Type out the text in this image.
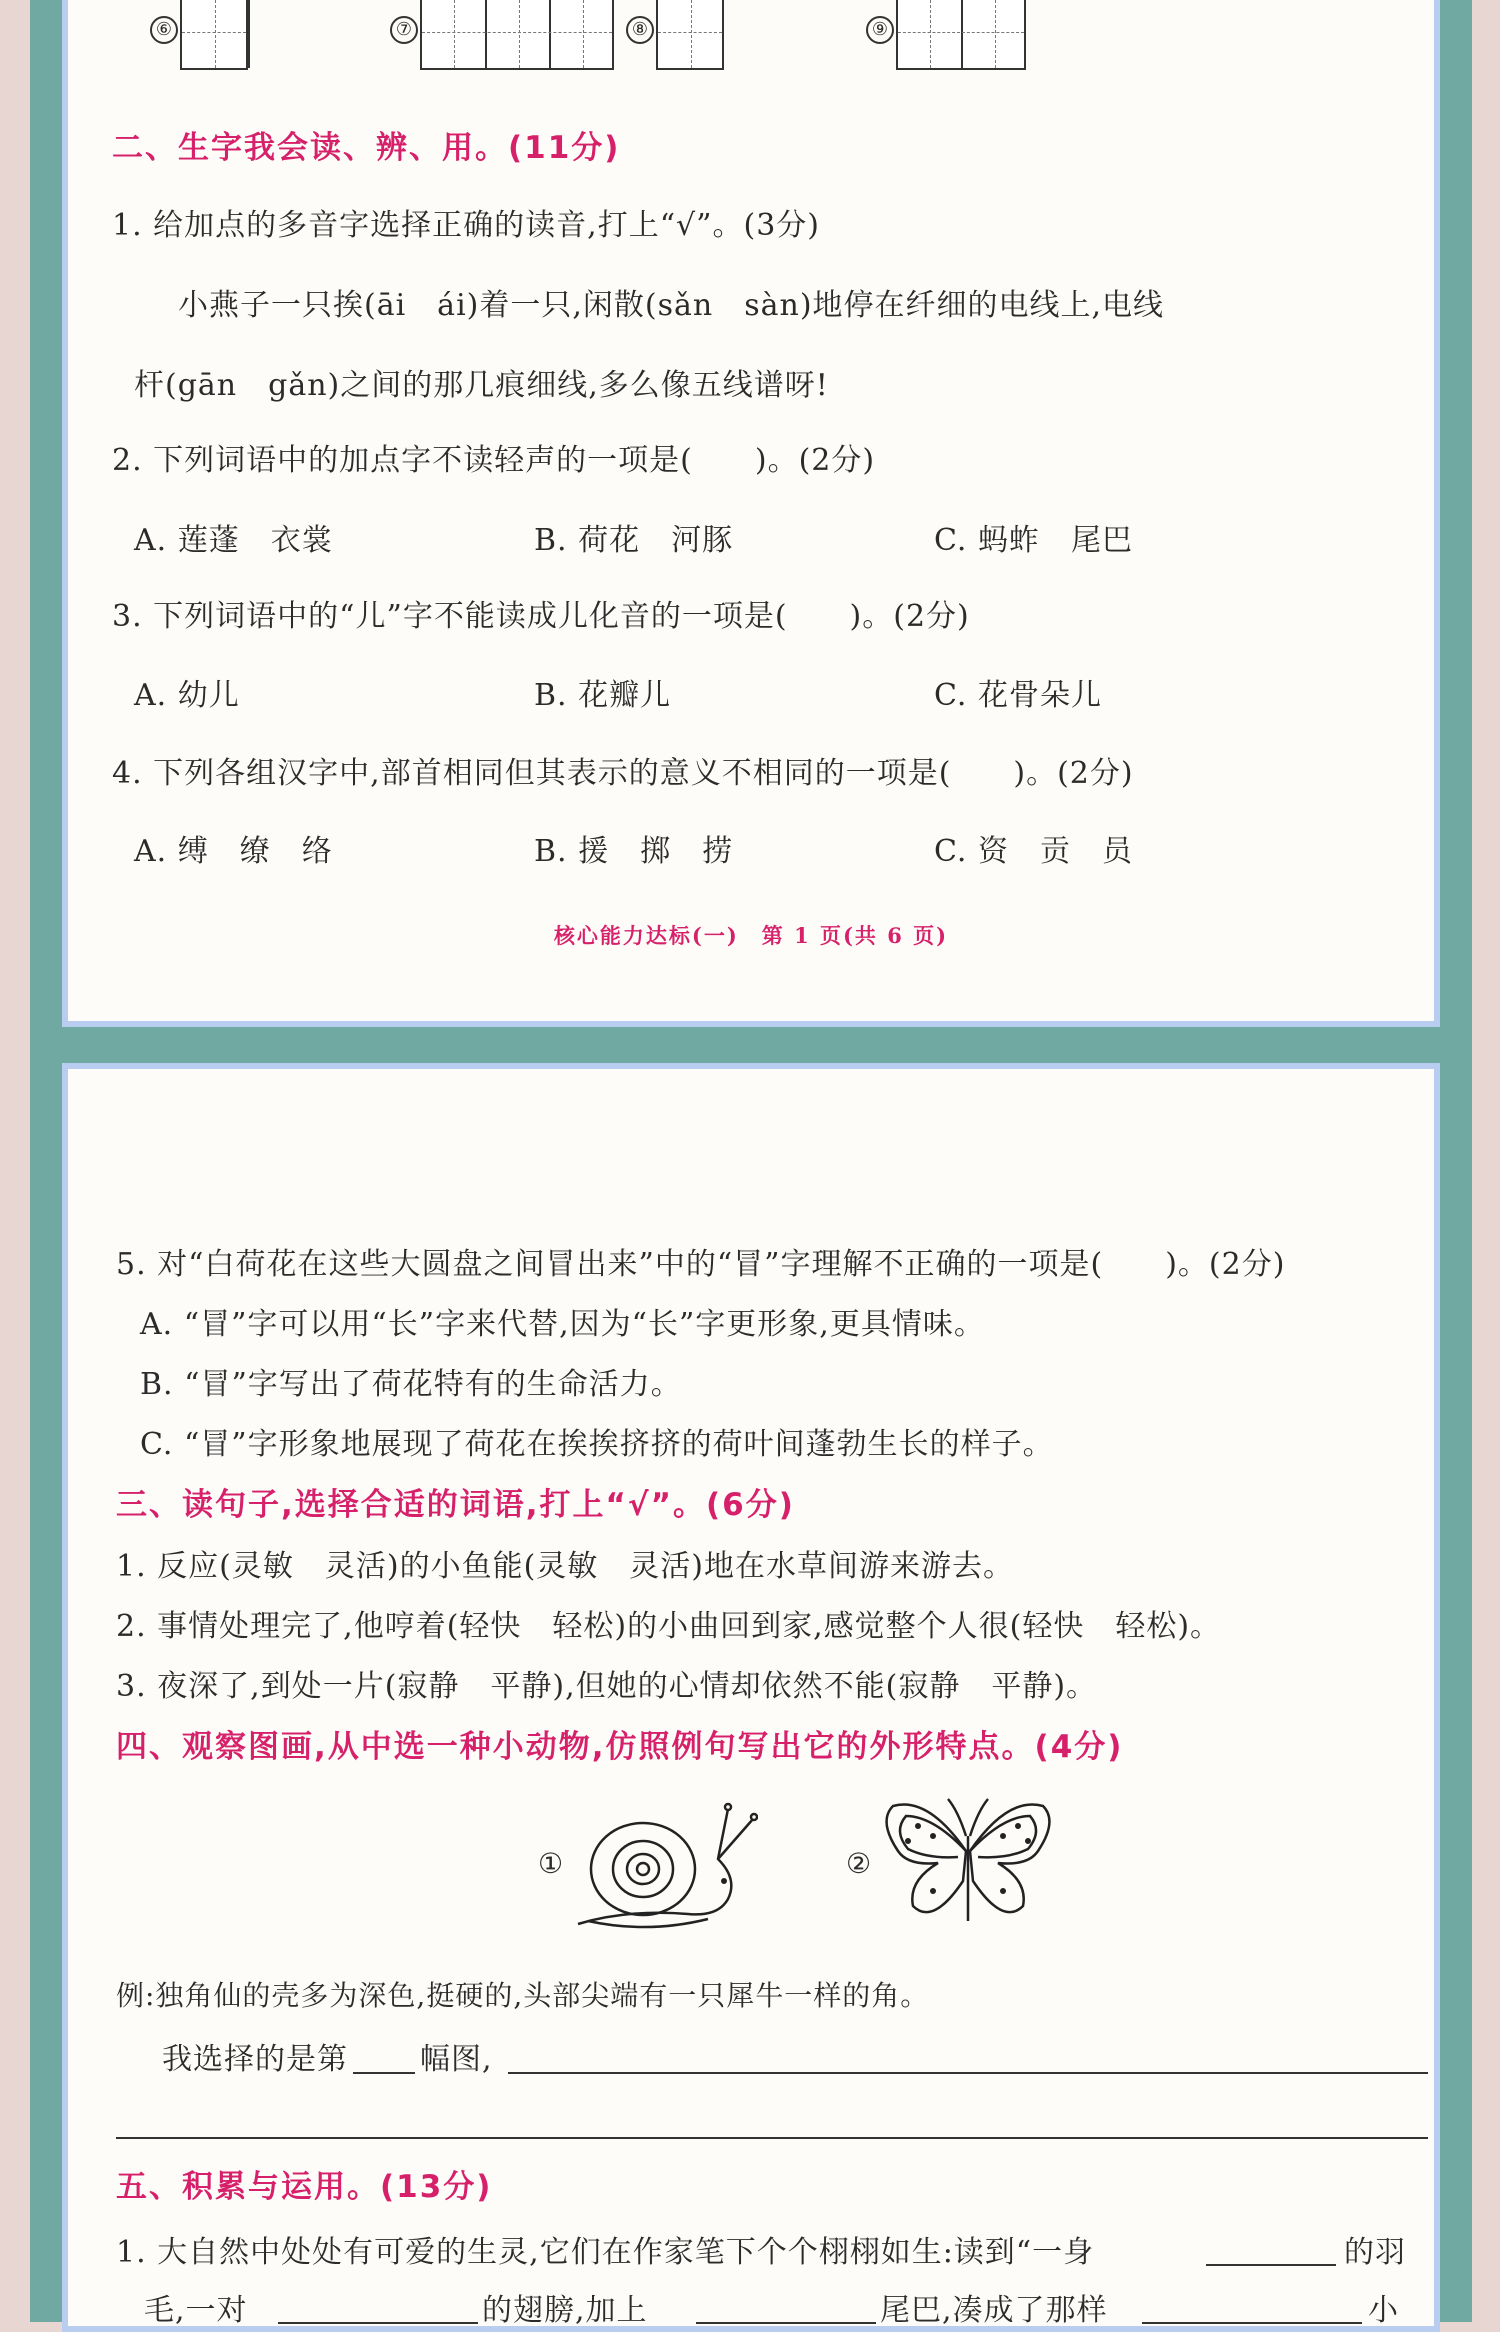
⑥	⑦	⑧	⑨
二、生字我会读、辨、用。(11分)
1. 给加点的多音字选择正确的读音,打上“√”。(3分)
小燕子一只挨(āi　ái)着一只,闲散(sǎn　sàn)地停在纤细的电线上,电线
杆(gān　gǎn)之间的那几痕细线,多么像五线谱呀!
2. 下列词语中的加点字不读轻声的一项是(　　)。(2分)
A. 莲蓬　衣裳	B. 荷花　河豚	C. 蚂蚱　尾巴
3. 下列词语中的“儿”字不能读成儿化音的一项是(　　)。(2分)
A. 幼儿	B. 花瓣儿	C. 花骨朵儿
4. 下列各组汉字中,部首相同但其表示的意义不相同的一项是(　　)。(2分)
A. 缚　缭　络	B. 援　掷　捞	C. 资　贡　员
核心能力达标(一)　第 1 页(共 6 页)
5. 对“白荷花在这些大圆盘之间冒出来”中的“冒”字理解不正确的一项是(　　)。(2分)
A. “冒”字可以用“长”字来代替,因为“长”字更形象,更具情味。
B. “冒”字写出了荷花特有的生命活力。
C. “冒”字形象地展现了荷花在挨挨挤挤的荷叶间蓬勃生长的样子。
三、读句子,选择合适的词语,打上“√”。(6分)
1. 反应(灵敏　灵活)的小鱼能(灵敏　灵活)地在水草间游来游去。
2. 事情处理完了,他哼着(轻快　轻松)的小曲回到家,感觉整个人很(轻快　轻松)。
3. 夜深了,到处一片(寂静　平静),但她的心情却依然不能(寂静　平静)。
四、观察图画,从中选一种小动物,仿照例句写出它的外形特点。(4分)
①	②
例:独角仙的壳多为深色,挺硬的,头部尖端有一只犀牛一样的角。
我选择的是第 幅图,
五、积累与运用。(13分)
1. 大自然中处处有可爱的生灵,它们在作家笔下个个栩栩如生:读到“一身	的羽
毛,一对	的翅膀,加上	尾巴,凑成了那样	小
